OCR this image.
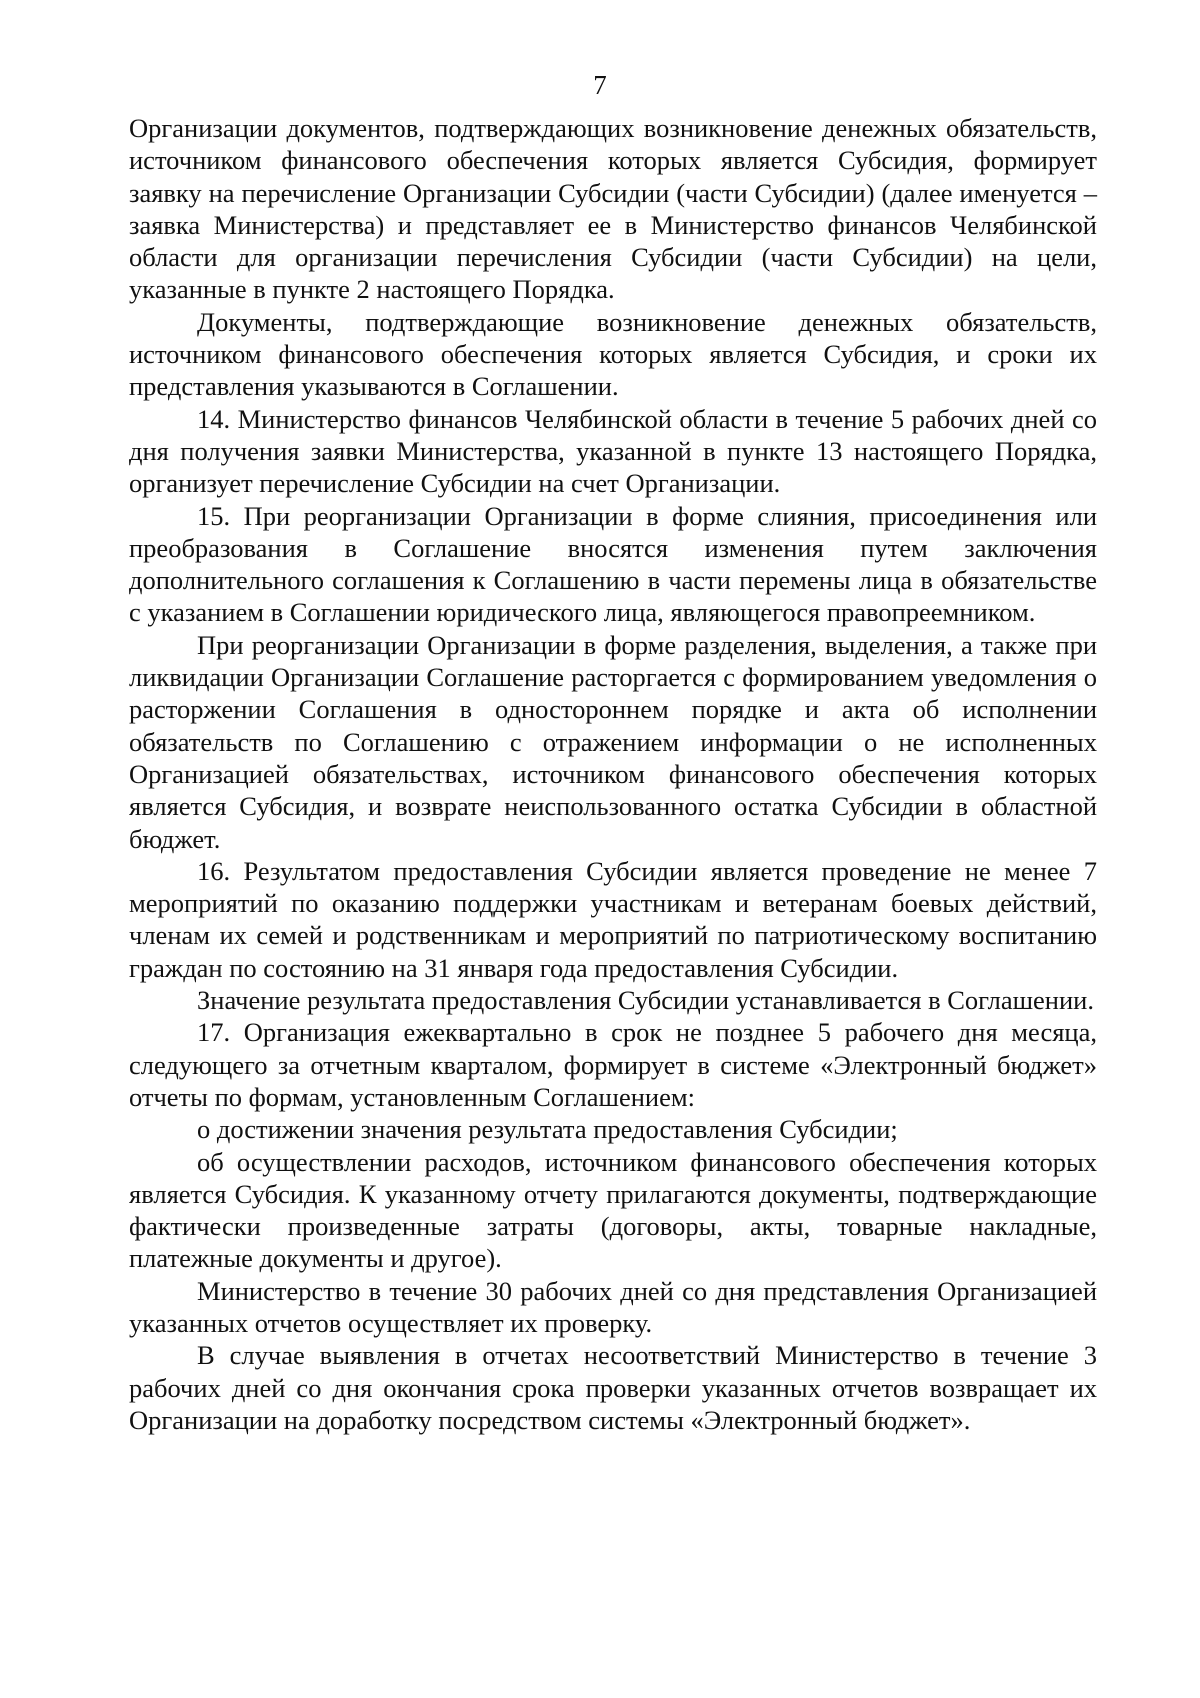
7

Организации документов, подтверждающих возникновение денежных обязательств, источником финансового обеспечения которых является Субсидия, формирует заявку на перечисление Организации Субсидии (части Субсидии) (далее именуется – заявка Министерства) и представляет ее в Министерство финансов Челябинской области для организации перечисления Субсидии (части Субсидии) на цели, указанные в пункте 2 настоящего Порядка.

Документы, подтверждающие возникновение денежных обязательств, источником финансового обеспечения которых является Субсидия, и сроки их представления указываются в Соглашении.

14. Министерство финансов Челябинской области в течение 5 рабочих дней со дня получения заявки Министерства, указанной в пункте 13 настоящего Порядка, организует перечисление Субсидии на счет Организации.

15. При реорганизации Организации в форме слияния, присоединения или преобразования в Соглашение вносятся изменения путем заключения дополнительного соглашения к Соглашению в части перемены лица в обязательстве с указанием в Соглашении юридического лица, являющегося правопреемником.

При реорганизации Организации в форме разделения, выделения, а также при ликвидации Организации Соглашение расторгается с формированием уведомления о расторжении Соглашения в одностороннем порядке и акта об исполнении обязательств по Соглашению с отражением информации о не исполненных Организацией обязательствах, источником финансового обеспечения которых является Субсидия, и возврате неиспользованного остатка Субсидии в областной бюджет.

16. Результатом предоставления Субсидии является проведение не менее 7 мероприятий по оказанию поддержки участникам и ветеранам боевых действий, членам их семей и родственникам и мероприятий по патриотическому воспитанию граждан по состоянию на 31 января года предоставления Субсидии.

Значение результата предоставления Субсидии устанавливается в Соглашении.

17. Организация ежеквартально в срок не позднее 5 рабочего дня месяца, следующего за отчетным кварталом, формирует в системе «Электронный бюджет» отчеты по формам, установленным Соглашением:

о достижении значения результата предоставления Субсидии;

об осуществлении расходов, источником финансового обеспечения которых является Субсидия. К указанному отчету прилагаются документы, подтверждающие фактически произведенные затраты (договоры, акты, товарные накладные, платежные документы и другое).

Министерство в течение 30 рабочих дней со дня представления Организацией указанных отчетов осуществляет их проверку.

В случае выявления в отчетах несоответствий Министерство в течение 3 рабочих дней со дня окончания срока проверки указанных отчетов возвращает их Организации на доработку посредством системы «Электронный бюджет».
